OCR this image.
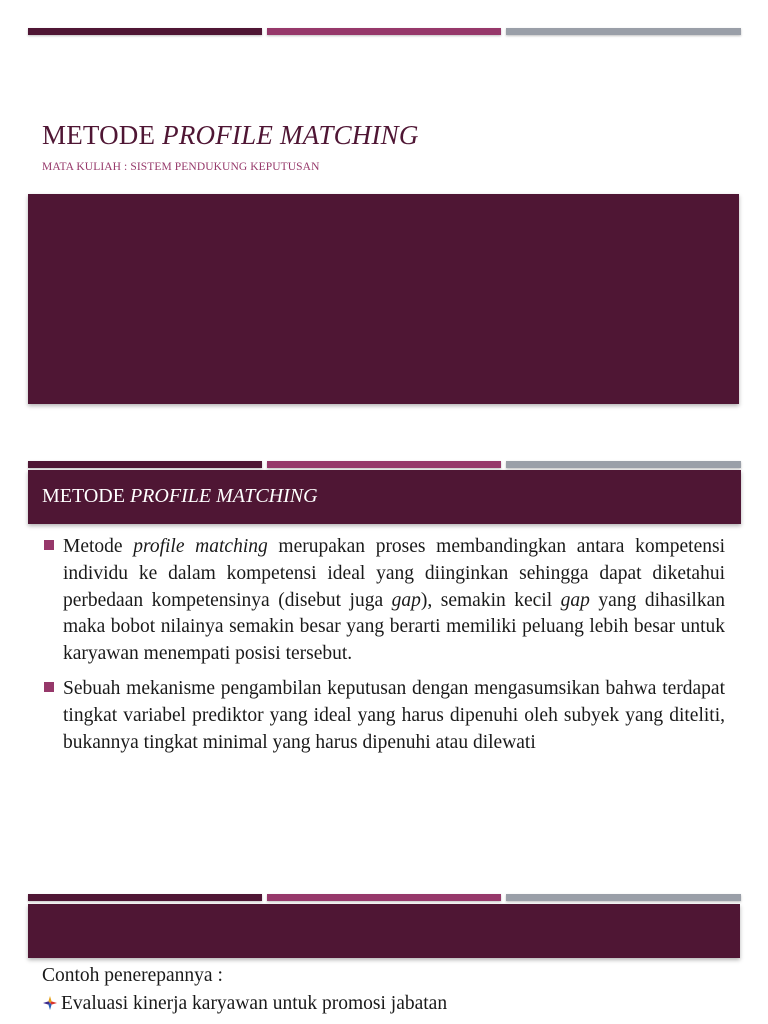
METODE PROFILE MATCHING
MATA KULIAH : SISTEM PENDUKUNG KEPUTUSAN
METODE PROFILE MATCHING
Metode profile matching merupakan proses membandingkan antara kompetensi individu ke dalam kompetensi ideal yang diinginkan sehingga dapat diketahui perbedaan kompetensinya (disebut juga gap), semakin kecil gap yang dihasilkan maka bobot nilainya semakin besar yang berarti memiliki peluang lebih besar untuk karyawan menempati posisi tersebut.
Sebuah mekanisme pengambilan keputusan dengan mengasumsikan bahwa terdapat tingkat variabel prediktor yang ideal yang harus dipenuhi oleh subyek yang diteliti, bukannya tingkat minimal yang harus dipenuhi atau dilewati
Contoh penerepannya :
Evaluasi kinerja karyawan untuk promosi jabatan
